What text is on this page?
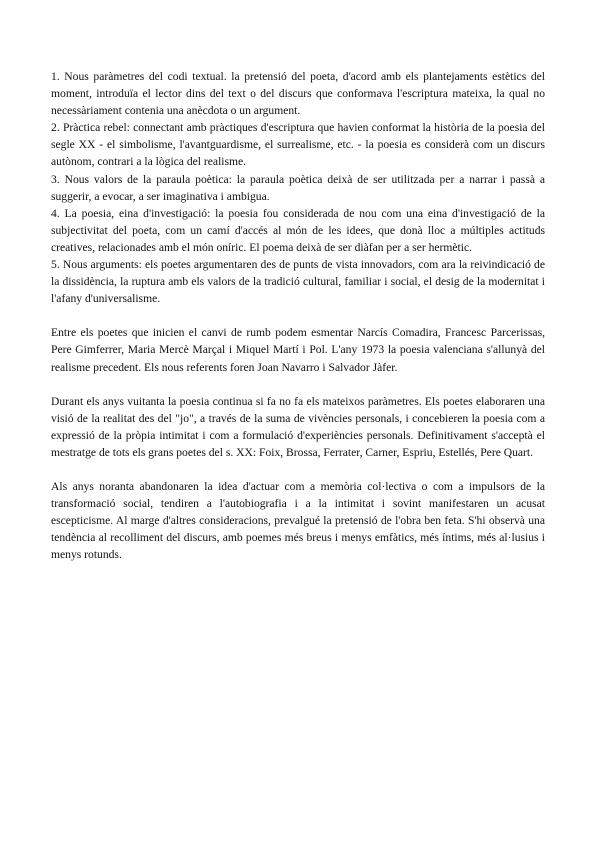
1. Nous paràmetres del codi textual. la pretensió del poeta, d'acord amb els plantejaments estètics del moment, introduïa el lector dins del text o del discurs que conformava l'escriptura mateixa, la qual no necessàriament contenia una anècdota o un argument.

2. Pràctica rebel: connectant amb pràctiques d'escriptura que havien conformat la història de la poesia del segle XX - el simbolisme, l'avantguardisme, el surrealisme, etc. - la poesia es considerà com un discurs autònom, contrari a la lògica del realisme.

3. Nous valors de la paraula poètica: la paraula poètica deixà de ser utilitzada per a narrar i passà a suggerir, a evocar, a ser imaginativa i ambigua.

4. La poesia, eina d'investigació: la poesia fou considerada de nou com una eina d'investigació de la subjectivitat del poeta, com un camí d'accés al món de les idees, que donà lloc a múltiples actituds creatives, relacionades amb el món oníric. El poema deixà de ser diàfan per a ser hermètic.

5. Nous arguments: els poetes argumentaren des de punts de vista innovadors, com ara la reivindicació de la dissidència, la ruptura amb els valors de la tradició cultural, familiar i social, el desig de la modernitat i l'afany d'universalisme.

Entre els poetes que inicien el canvi de rumb podem esmentar Narcís Comadira, Francesc Parcerissas, Pere Gimferrer, Maria Mercè Marçal i Miquel Martí i Pol. L'any 1973 la poesia valenciana s'allunyà del realisme precedent. Els nous referents foren Joan Navarro i Salvador Jàfer.

Durant els anys vuitanta la poesia continua si fa no fa els mateixos paràmetres. Els poetes elaboraren una visió de la realitat des del "jo", a través de la suma de vivències personals, i concebieren la poesia com a expressió de la pròpia intimitat i com a formulació d'experiències personals. Definitivament s'acceptà el mestratge de tots els grans poetes del s. XX: Foix, Brossa, Ferrater, Carner, Espriu, Estellés, Pere Quart.

Als anys noranta abandonaren la idea d'actuar com a memòria col·lectiva o com a impulsors de la transformació social, tendiren a l'autobiografia i a la intimitat i sovint manifestaren un acusat escepticisme. Al marge d'altres consideracions, prevalgué la pretensió de l'obra ben feta. S'hi observà una tendència al recolliment del discurs, amb poemes més breus i menys emfàtics, més íntims, més al·lusius i menys rotunds.
